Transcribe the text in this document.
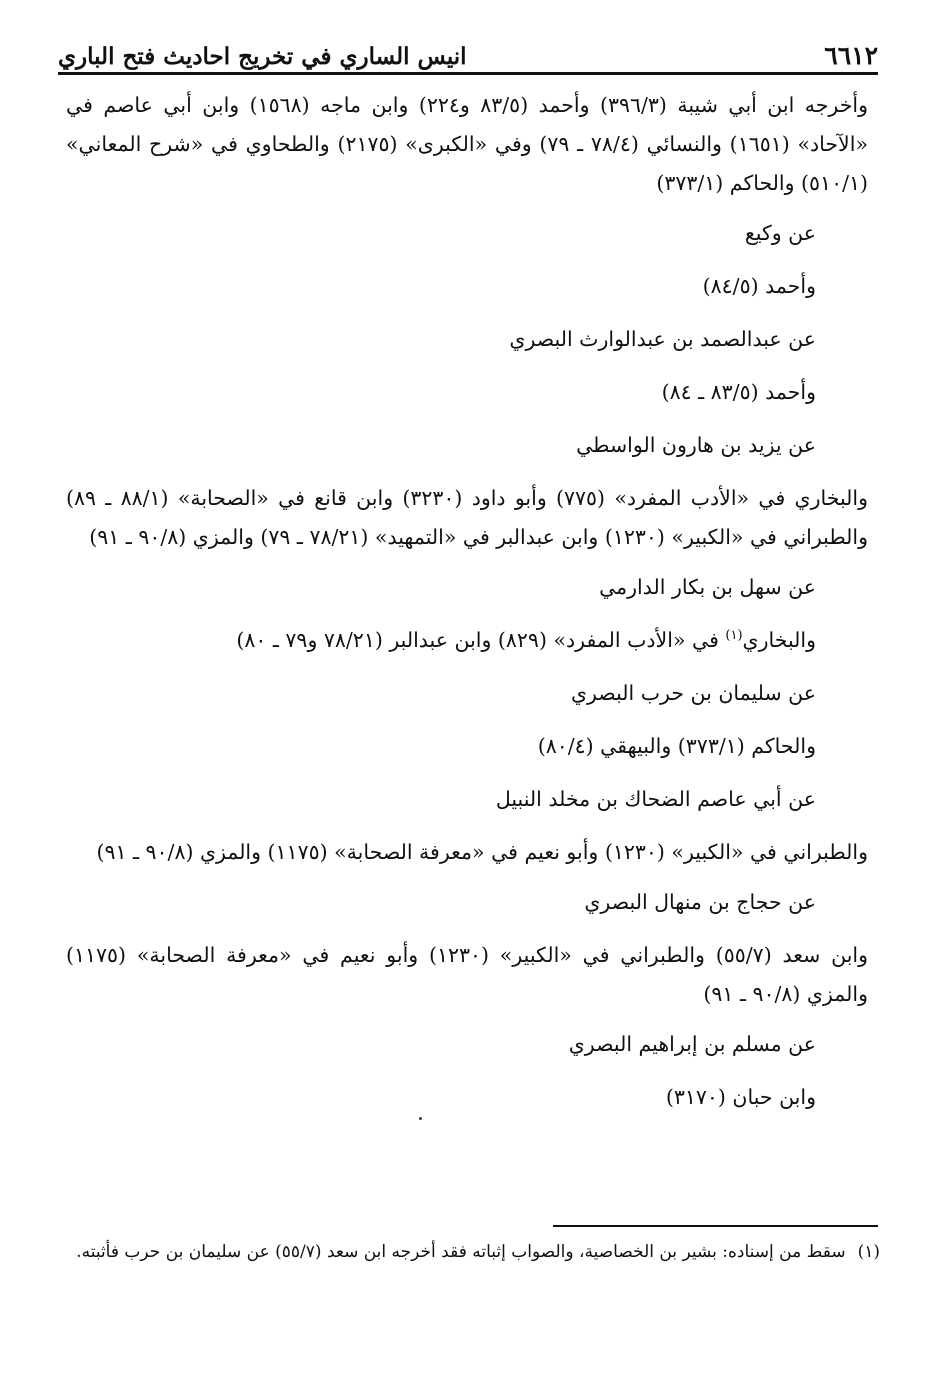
٦٦١٢
انيس الساري في تخريج احاديث فتح الباري

وأخرجه ابن أبي شيبة (٣٩٦/٣) وأحمد (٨٣/٥ و٢٢٤) وابن ماجه (١٥٦٨) وابن أبي عاصم في «الآحاد» (١٦٥١) والنسائي (٧٨/٤ ـ ٧٩) وفي «الكبرى» (٢١٧٥) والطحاوي في «شرح المعاني» (٥١٠/١) والحاكم (٣٧٣/١)

عن وكيع

وأحمد (٨٤/٥)

عن عبدالصمد بن عبدالوارث البصري

وأحمد (٨٣/٥ ـ ٨٤)

عن يزيد بن هارون الواسطي

والبخاري في «الأدب المفرد» (٧٧٥) وأبو داود (٣٢٣٠) وابن قانع في «الصحابة» (٨٨/١ ـ ٨٩) والطبراني في «الكبير» (١٢٣٠) وابن عبدالبر في «التمهيد» (٧٨/٢١ ـ ٧٩) والمزي (٩٠/٨ ـ ٩١)

عن سهل بن بكار الدارمي

والبخاري$^{(١)}$ في «الأدب المفرد» (٨٢٩) وابن عبدالبر (٧٨/٢١ و٧٩ ـ ٨٠)

عن سليمان بن حرب البصري

والحاكم (٣٧٣/١) والبيهقي (٨٠/٤)

عن أبي عاصم الضحاك بن مخلد النبيل

والطبراني في «الكبير» (١٢٣٠) وأبو نعيم في «معرفة الصحابة» (١١٧٥) والمزي (٩٠/٨ ـ ٩١)

عن حجاج بن منهال البصري

وابن سعد (٥٥/٧) والطبراني في «الكبير» (١٢٣٠) وأبو نعيم في «معرفة الصحابة» (١١٧٥) والمزي (٩٠/٨ ـ ٩١)

عن مسلم بن إبراهيم البصري

وابن حبان (٣١٧٠)

(١)
سقط من إسناده: بشير بن الخصاصية، والصواب إثباته فقد أخرجه ابن سعد (٥٥/٧) عن سليمان بن حرب فأثبته.
